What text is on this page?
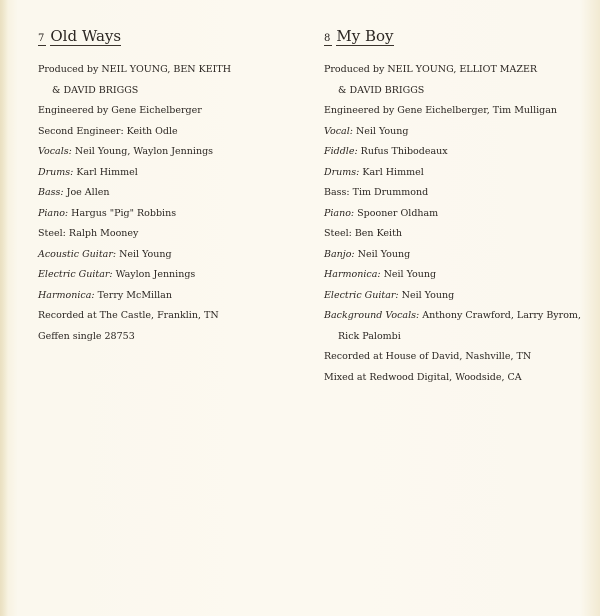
7 Old Ways
Produced by NEIL YOUNG, BEN KEITH
& DAVID BRIGGS
Engineered by Gene Eichelberger
Second Engineer: Keith Odle
Vocals: Neil Young, Waylon Jennings
Drums: Karl Himmel
Bass: Joe Allen
Piano: Hargus "Pig" Robbins
Steel: Ralph Mooney
Acoustic Guitar: Neil Young
Electric Guitar: Waylon Jennings
Harmonica: Terry McMillan
Recorded at The Castle, Franklin, TN
Geffen single 28753
8 My Boy
Produced by NEIL YOUNG, ELLIOT MAZER
& DAVID BRIGGS
Engineered by Gene Eichelberger, Tim Mulligan
Vocal: Neil Young
Fiddle: Rufus Thibodeaux
Drums: Karl Himmel
Bass: Tim Drummond
Piano: Spooner Oldham
Steel: Ben Keith
Banjo: Neil Young
Harmonica: Neil Young
Electric Guitar: Neil Young
Background Vocals: Anthony Crawford, Larry Byrom,
Rick Palombi
Recorded at House of David, Nashville, TN
Mixed at Redwood Digital, Woodside, CA
